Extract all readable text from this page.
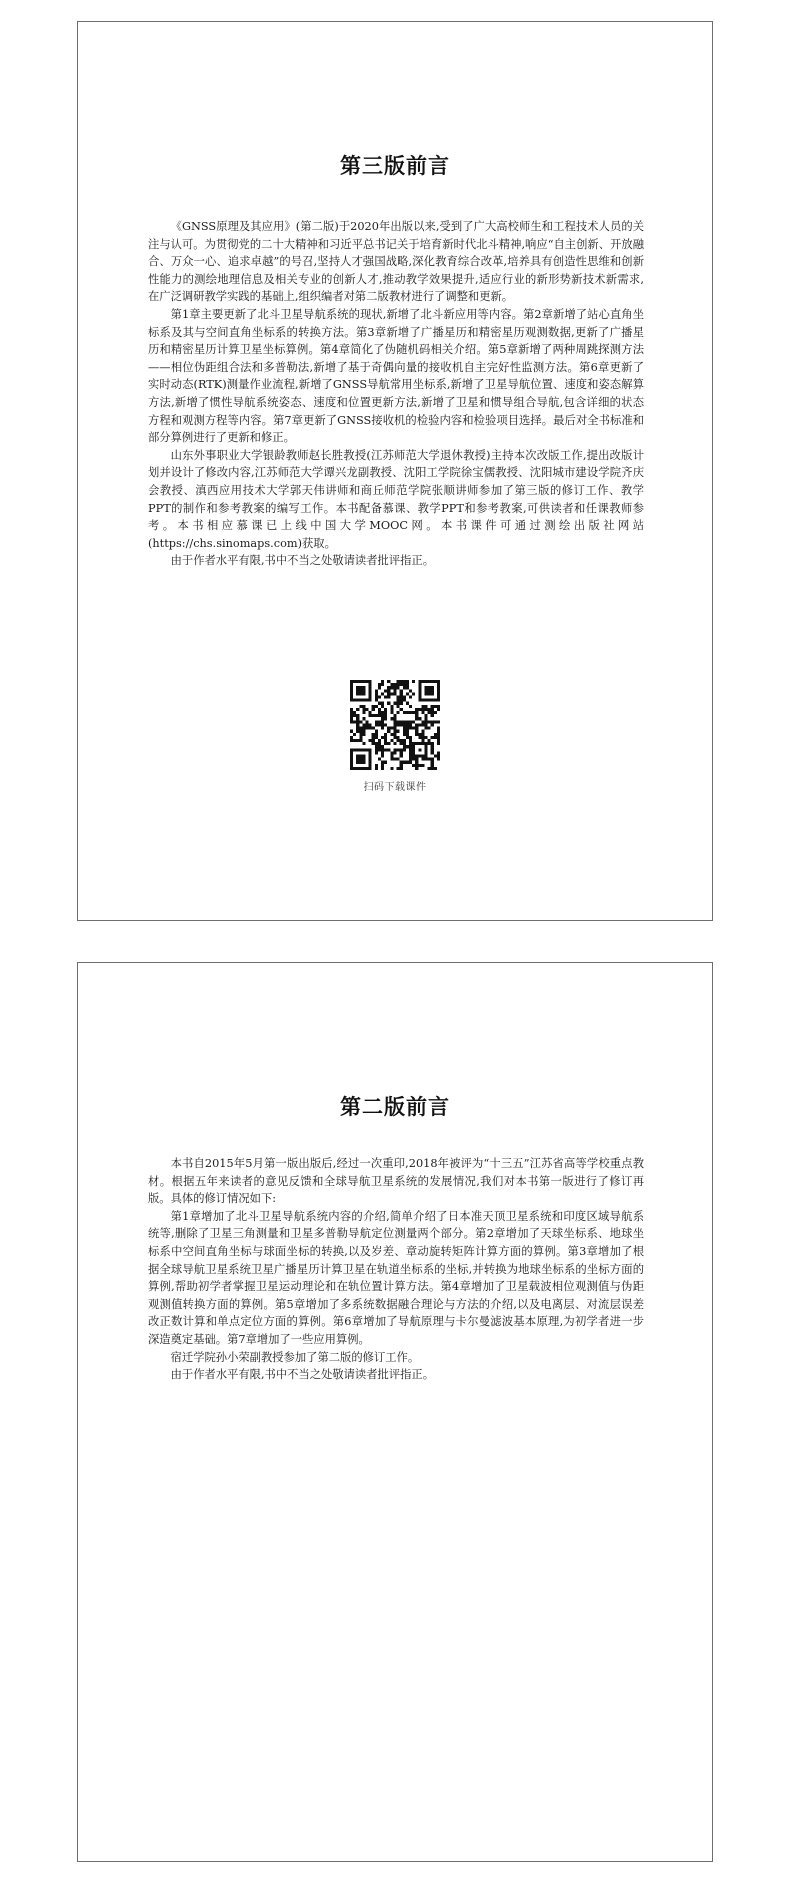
第三版前言

《GNSS原理及其应用》(第二版)于2020年出版以来,受到了广大高校师生和工程技术人员的关注与认可。为贯彻党的二十大精神和习近平总书记关于培育新时代北斗精神,响应“自主创新、开放融合、万众一心、追求卓越”的号召,坚持人才强国战略,深化教育综合改革,培养具有创造性思维和创新性能力的测绘地理信息及相关专业的创新人才,推动教学效果提升,适应行业的新形势新技术新需求,在广泛调研教学实践的基础上,组织编者对第二版教材进行了调整和更新。

第1章主要更新了北斗卫星导航系统的现状,新增了北斗新应用等内容。第2章新增了站心直角坐标系及其与空间直角坐标系的转换方法。第3章新增了广播星历和精密星历观测数据,更新了广播星历和精密星历计算卫星坐标算例。第4章简化了伪随机码相关介绍。第5章新增了两种周跳探测方法——相位伪距组合法和多普勒法,新增了基于奇偶向量的接收机自主完好性监测方法。第6章更新了实时动态(RTK)测量作业流程,新增了GNSS导航常用坐标系,新增了卫星导航位置、速度和姿态解算方法,新增了惯性导航系统姿态、速度和位置更新方法,新增了卫星和惯导组合导航,包含详细的状态方程和观测方程等内容。第7章更新了GNSS接收机的检验内容和检验项目选择。最后对全书标准和部分算例进行了更新和修正。

山东外事职业大学银龄教师赵长胜教授(江苏师范大学退休教授)主持本次改版工作,提出改版计划并设计了修改内容,江苏师范大学谭兴龙副教授、沈阳工学院徐宝儒教授、沈阳城市建设学院齐庆会教授、滇西应用技术大学郭天伟讲师和商丘师范学院张顺讲师参加了第三版的修订工作、教学PPT的制作和参考教案的编写工作。本书配备慕课、教学PPT和参考教案,可供读者和任课教师参考。本书相应慕课已上线中国大学MOOC网。本书课件可通过测绘出版社网站(https://chs.sinomaps.com)获取。

由于作者水平有限,书中不当之处敬请读者批评指正。

扫码下载课件
第二版前言

本书自2015年5月第一版出版后,经过一次重印,2018年被评为“十三五”江苏省高等学校重点教材。根据五年来读者的意见反馈和全球导航卫星系统的发展情况,我们对本书第一版进行了修订再版。具体的修订情况如下:

第1章增加了北斗卫星导航系统内容的介绍,简单介绍了日本准天顶卫星系统和印度区域导航系统等,删除了卫星三角测量和卫星多普勒导航定位测量两个部分。第2章增加了天球坐标系、地球坐标系中空间直角坐标与球面坐标的转换,以及岁差、章动旋转矩阵计算方面的算例。第3章增加了根据全球导航卫星系统卫星广播星历计算卫星在轨道坐标系的坐标,并转换为地球坐标系的坐标方面的算例,帮助初学者掌握卫星运动理论和在轨位置计算方法。第4章增加了卫星载波相位观测值与伪距观测值转换方面的算例。第5章增加了多系统数据融合理论与方法的介绍,以及电离层、对流层误差改正数计算和单点定位方面的算例。第6章增加了导航原理与卡尔曼滤波基本原理,为初学者进一步深造奠定基础。第7章增加了一些应用算例。

宿迁学院孙小荣副教授参加了第二版的修订工作。

由于作者水平有限,书中不当之处敬请读者批评指正。
